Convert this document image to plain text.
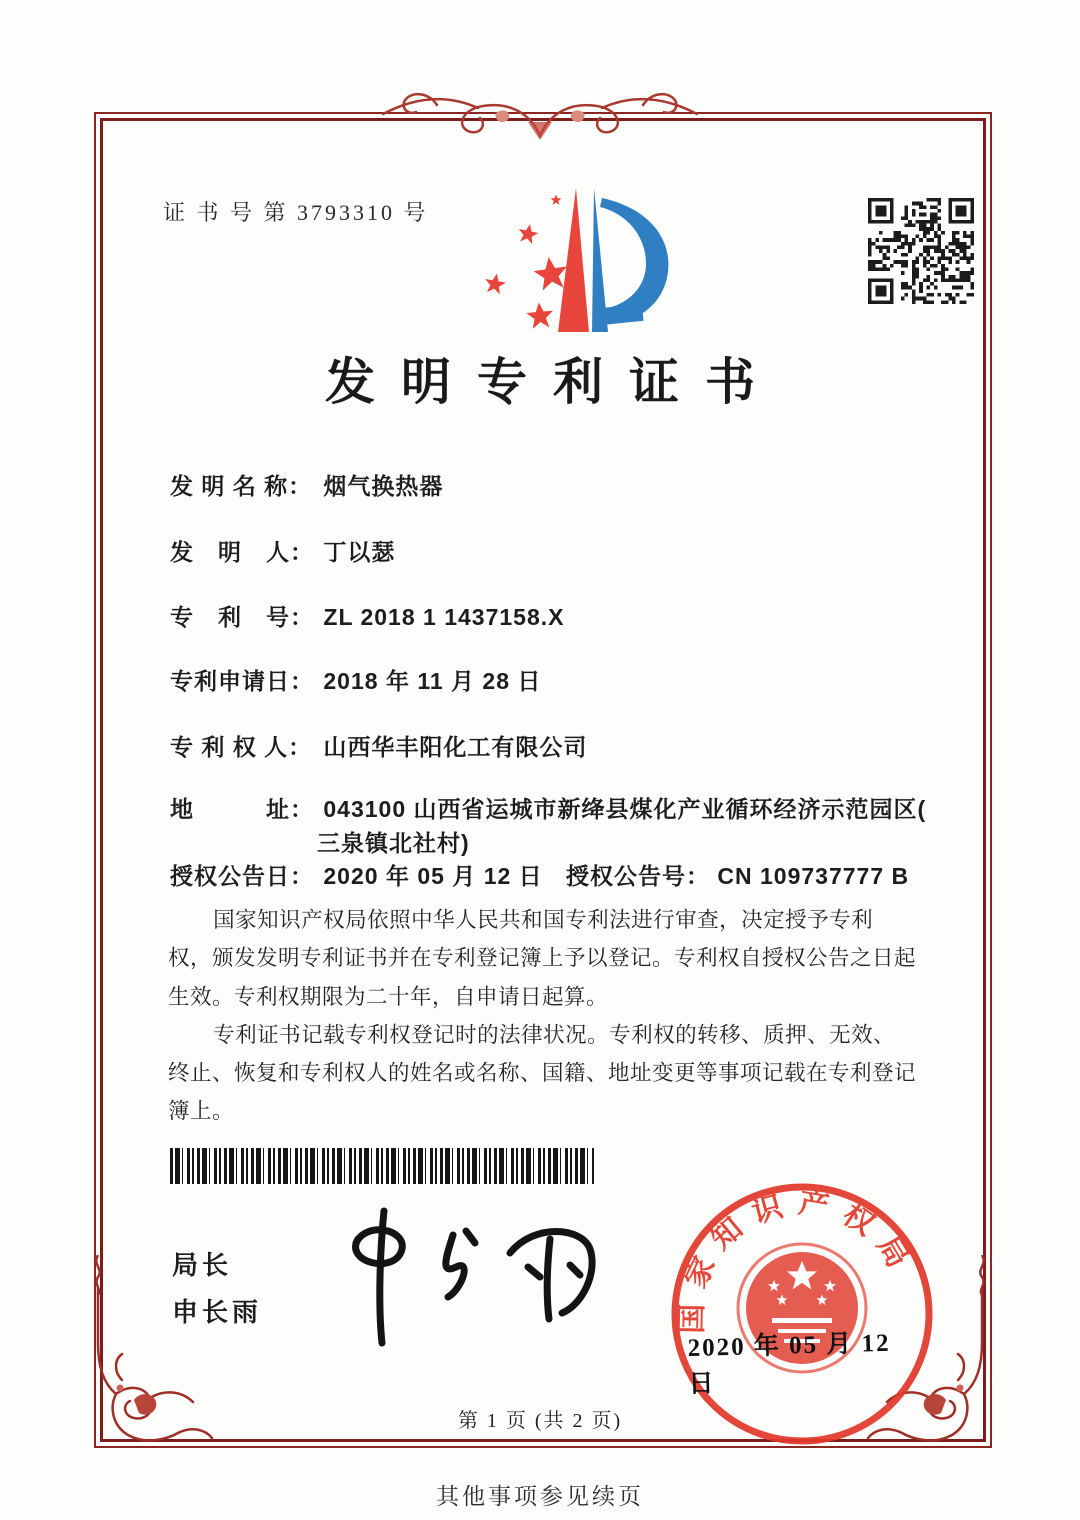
证 书 号 第 3793310 号
发明专利证书
发 明 名 称： 烟气换热器
发　明　人： 丁以瑟
专　利　号： ZL 2018 1 1437158.X
专利申请日： 2018 年 11 月 28 日
专 利 权 人： 山西华丰阳化工有限公司
地　　　址： 043100 山西省运城市新绛县煤化产业循环经济示范园区(
三泉镇北社村)
授权公告日： 2020 年 05 月 12 日 授权公告号： CN 109737777 B

国家知识产权局依照中华人民共和国专利法进行审查，决定授予专利权，颁发发明专利证书并在专利登记簿上予以登记。专利权自授权公告之日起生效。专利权期限为二十年，自申请日起算。

专利证书记载专利权登记时的法律状况。专利权的转移、质押、无效、终止、恢复和专利权人的姓名或名称、国籍、地址变更等事项记载在专利登记簿上。

局长
申长雨	国家知识产权局
2020 年 05 月 12 日
第 1 页 (共 2 页)
其他事项参见续页
